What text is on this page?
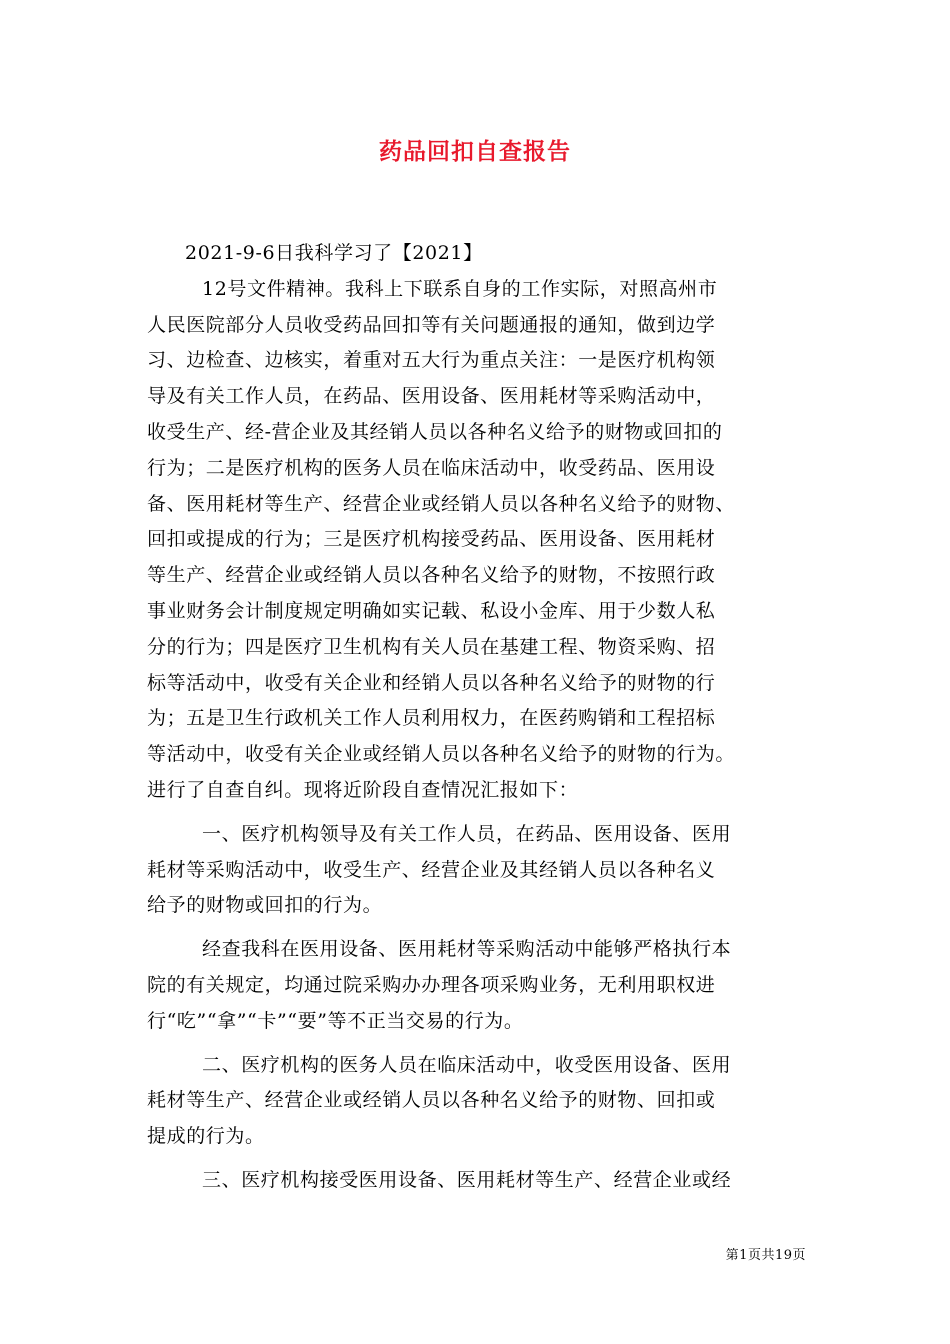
药品回扣自查报告
2021-9-6日我科学习了【2021】
12号文件精神。我科上下联系自身的工作实际，对照高州市
人民医院部分人员收受药品回扣等有关问题通报的通知，做到边学
习、边检查、边核实，着重对五大行为重点关注：一是医疗机构领
导及有关工作人员，在药品、医用设备、医用耗材等采购活动中，
收受生产、经-营企业及其经销人员以各种名义给予的财物或回扣的
行为；二是医疗机构的医务人员在临床活动中，收受药品、医用设
备、医用耗材等生产、经营企业或经销人员以各种名义给予的财物、
回扣或提成的行为；三是医疗机构接受药品、医用设备、医用耗材
等生产、经营企业或经销人员以各种名义给予的财物，不按照行政
事业财务会计制度规定明确如实记载、私设小金库、用于少数人私
分的行为；四是医疗卫生机构有关人员在基建工程、物资采购、招
标等活动中，收受有关企业和经销人员以各种名义给予的财物的行
为；五是卫生行政机关工作人员利用权力，在医药购销和工程招标
等活动中，收受有关企业或经销人员以各种名义给予的财物的行为。
进行了自查自纠。现将近阶段自查情况汇报如下：
一、医疗机构领导及有关工作人员，在药品、医用设备、医用
耗材等采购活动中，收受生产、经营企业及其经销人员以各种名义
给予的财物或回扣的行为。
经查我科在医用设备、医用耗材等采购活动中能够严格执行本
院的有关规定，均通过院采购办办理各项采购业务，无利用职权进
行“吃”“拿”“卡”“要”等不正当交易的行为。
二、医疗机构的医务人员在临床活动中，收受医用设备、医用
耗材等生产、经营企业或经销人员以各种名义给予的财物、回扣或
提成的行为。
三、医疗机构接受医用设备、医用耗材等生产、经营企业或经
第1页共19页
